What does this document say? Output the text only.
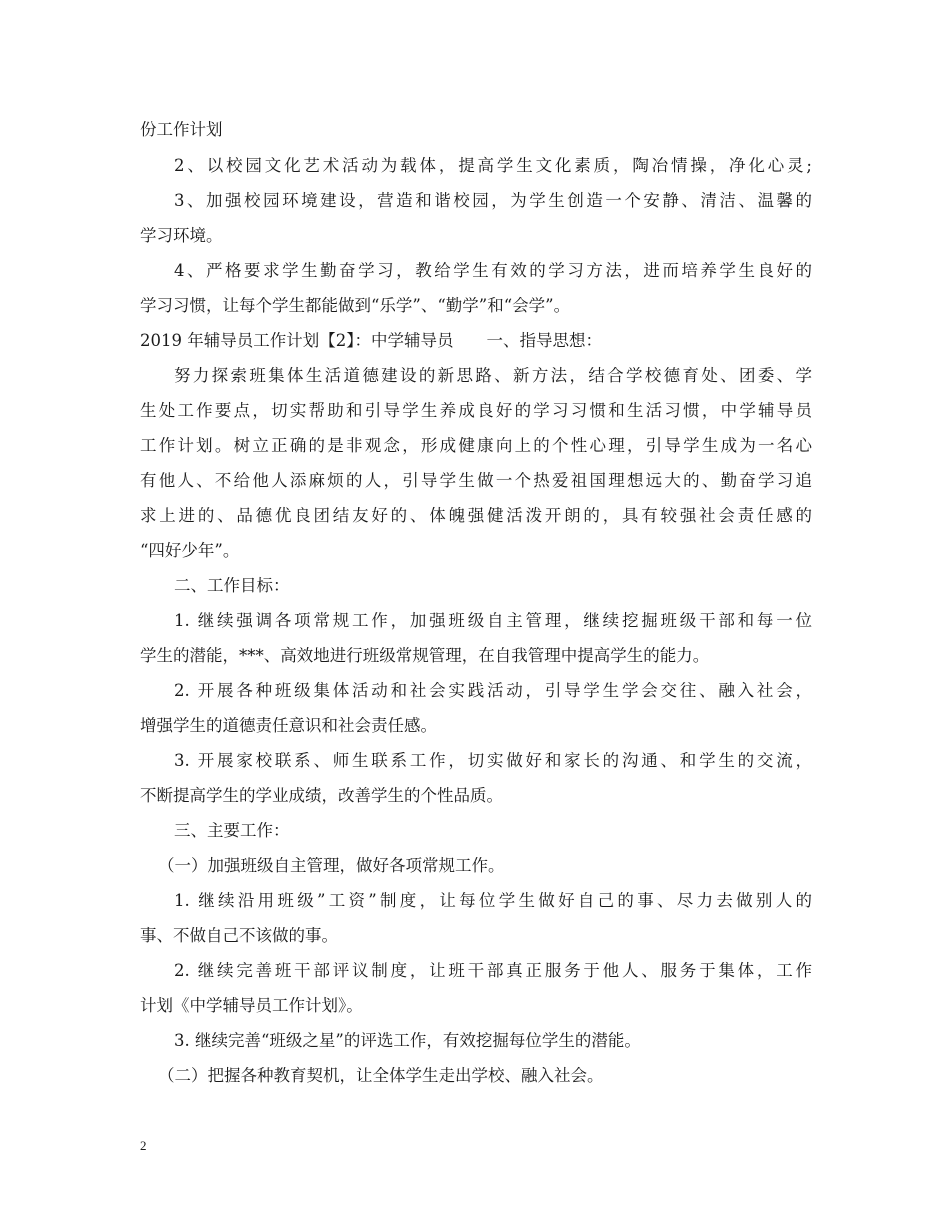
份工作计划
2、以校园文化艺术活动为载体，提高学生文化素质，陶冶情操，净化心灵;
3、加强校园环境建设，营造和谐校园，为学生创造一个安静、清洁、温馨的
学习环境。
4、严格要求学生勤奋学习，教给学生有效的学习方法，进而培养学生良好的
学习习惯，让每个学生都能做到“乐学”、“勤学”和“会学”。
2019 年辅导员工作计划【2】：中学辅导员　　一、指导思想：
努力探索班集体生活道德建设的新思路、新方法，结合学校德育处、团委、学
生处工作要点，切实帮助和引导学生养成良好的学习习惯和生活习惯，中学辅导员
工作计划。树立正确的是非观念，形成健康向上的个性心理，引导学生成为一名心
有他人、不给他人添麻烦的人，引导学生做一个热爱祖国理想远大的、勤奋学习追
求上进的、品德优良团结友好的、体魄强健活泼开朗的，具有较强社会责任感的
“四好少年”。
二、工作目标：
1. 继续强调各项常规工作，加强班级自主管理，继续挖掘班级干部和每一位
学生的潜能，***、高效地进行班级常规管理，在自我管理中提高学生的能力。
2. 开展各种班级集体活动和社会实践活动，引导学生学会交往、融入社会，
增强学生的道德责任意识和社会责任感。
3. 开展家校联系、师生联系工作，切实做好和家长的沟通、和学生的交流，
不断提高学生的学业成绩，改善学生的个性品质。
三、主要工作：
（一）加强班级自主管理，做好各项常规工作。
1. 继续沿用班级”工资”制度，让每位学生做好自己的事、尽力去做别人的
事、不做自己不该做的事。
2. 继续完善班干部评议制度，让班干部真正服务于他人、服务于集体，工作
计划《中学辅导员工作计划》。
3. 继续完善“班级之星”的评选工作，有效挖掘每位学生的潜能。
（二）把握各种教育契机，让全体学生走出学校、融入社会。
2
